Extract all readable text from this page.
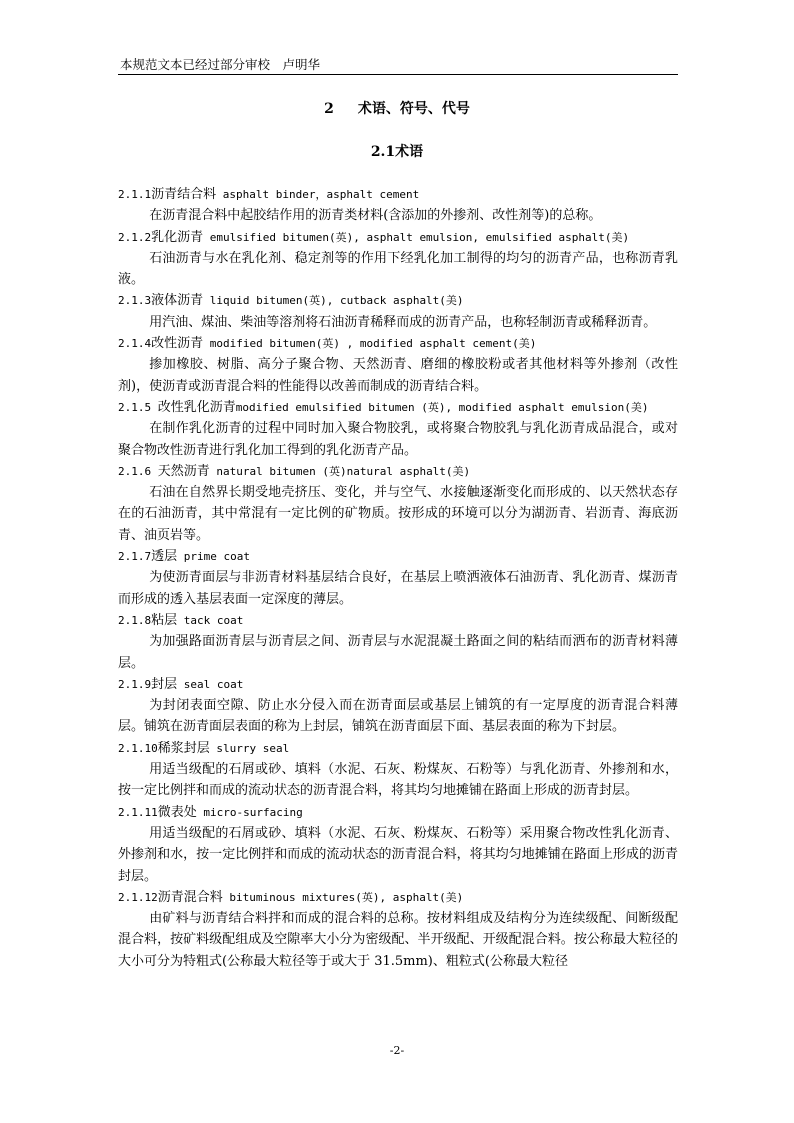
本规范文本已经过部分审校　卢明华
2 术语、符号、代号
2.1术语
2.1.1沥青结合料 asphalt binder，asphalt cement

在沥青混合料中起胶结作用的沥青类材料(含添加的外掺剂、改性剂等)的总称。

2.1.2乳化沥青 emulsified bitumen(英), asphalt emulsion, emulsified asphalt(美)

石油沥青与水在乳化剂、稳定剂等的作用下经乳化加工制得的均匀的沥青产品，也称沥青乳液。

2.1.3液体沥青 liquid bitumen(英), cutback asphalt(美)

用汽油、煤油、柴油等溶剂将石油沥青稀释而成的沥青产品，也称轻制沥青或稀释沥青。

2.1.4改性沥青 modified bitumen(英) , modified asphalt cement(美)

掺加橡胶、树脂、高分子聚合物、天然沥青、磨细的橡胶粉或者其他材料等外掺剂（改性剂)，使沥青或沥青混合料的性能得以改善而制成的沥青结合料。

2.1.5 改性乳化沥青modified emulsified bitumen (英), modified asphalt emulsion(美)

在制作乳化沥青的过程中同时加入聚合物胶乳，或将聚合物胶乳与乳化沥青成品混合，或对聚合物改性沥青进行乳化加工得到的乳化沥青产品。

2.1.6 天然沥青 natural bitumen (英)natural asphalt(美)

石油在自然界长期受地壳挤压、变化，并与空气、水接触逐渐变化而形成的、以天然状态存在的石油沥青，其中常混有一定比例的矿物质。按形成的环境可以分为湖沥青、岩沥青、海底沥青、油页岩等。

2.1.7透层 prime coat

为使沥青面层与非沥青材料基层结合良好，在基层上喷洒液体石油沥青、乳化沥青、煤沥青而形成的透入基层表面一定深度的薄层。

2.1.8粘层 tack coat

为加强路面沥青层与沥青层之间、沥青层与水泥混凝土路面之间的粘结而洒布的沥青材料薄层。

2.1.9封层 seal coat

为封闭表面空隙、防止水分侵入而在沥青面层或基层上铺筑的有一定厚度的沥青混合料薄层。铺筑在沥青面层表面的称为上封层，铺筑在沥青面层下面、基层表面的称为下封层。

2.1.10稀浆封层 slurry seal

用适当级配的石屑或砂、填料（水泥、石灰、粉煤灰、石粉等）与乳化沥青、外掺剂和水，按一定比例拌和而成的流动状态的沥青混合料，将其均匀地摊铺在路面上形成的沥青封层。

2.1.11微表处 micro-surfacing

用适当级配的石屑或砂、填料（水泥、石灰、粉煤灰、石粉等）采用聚合物改性乳化沥青、外掺剂和水，按一定比例拌和而成的流动状态的沥青混合料，将其均匀地摊铺在路面上形成的沥青封层。

2.1.12沥青混合料 bituminous mixtures(英), asphalt(美)

由矿料与沥青结合料拌和而成的混合料的总称。按材料组成及结构分为连续级配、间断级配混合料，按矿料级配组成及空隙率大小分为密级配、半开级配、开级配混合料。按公称最大粒径的大小可分为特粗式(公称最大粒径等于或大于 31.5mm)、粗粒式(公称最大粒径

-2-
